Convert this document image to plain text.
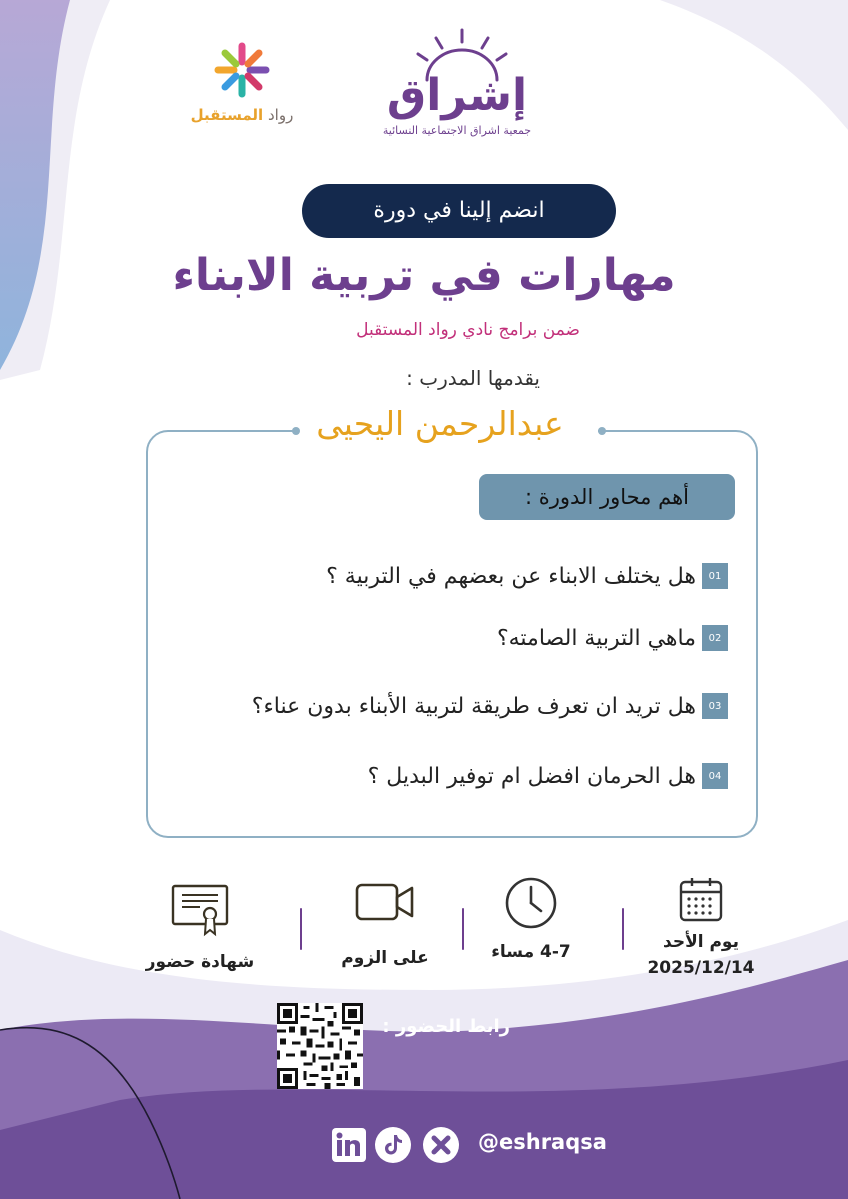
إشراق
جمعية اشراق الاجتماعية النسائية
رواد المستقبل
انضم إلينا في دورة
مهارات في تربية الابناء
ضمن برامج نادي رواد المستقبل
انضم إلينا في دورة	يقدمها المدرب :
عبدالرحمن اليحيى
أهم محاور الدورة :
01
هل يختلف الابناء عن بعضهم في التربية ؟
02
ماهي التربية الصامته؟
03
هل تريد ان تعرف طريقة لتربية الأبناء بدون عناء؟
04
هل الحرمان افضل ام توفير البديل ؟
يوم الأحد
2025/12/14
4-7 مساء
على الزوم
شهادة حضور
رابط الحضور :
@eshraqsa
